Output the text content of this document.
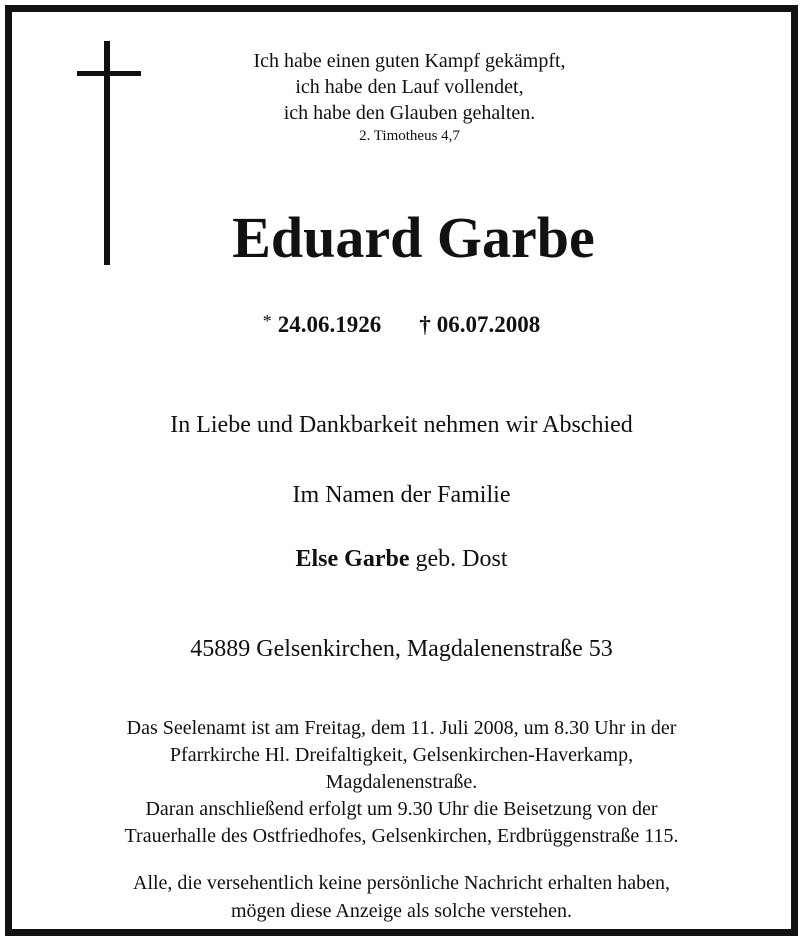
Ich habe einen guten Kampf gekämpft,
ich habe den Lauf vollendet,
ich habe den Glauben gehalten.
2. Timotheus 4,7
Eduard Garbe
* 24.06.1926 † 06.07.2008
In Liebe und Dankbarkeit nehmen wir Abschied
Im Namen der Familie
Else Garbe geb. Dost
45889 Gelsenkirchen, Magdalenenstraße 53
Das Seelenamt ist am Freitag, dem 11. Juli 2008, um 8.30 Uhr in der
Pfarrkirche Hl. Dreifaltigkeit, Gelsenkirchen-Haverkamp,
Magdalenenstraße.
Daran anschließend erfolgt um 9.30 Uhr die Beisetzung von der
Trauerhalle des Ostfriedhofes, Gelsenkirchen, Erdbrüggenstraße 115.
Alle, die versehentlich keine persönliche Nachricht erhalten haben,
mögen diese Anzeige als solche verstehen.
